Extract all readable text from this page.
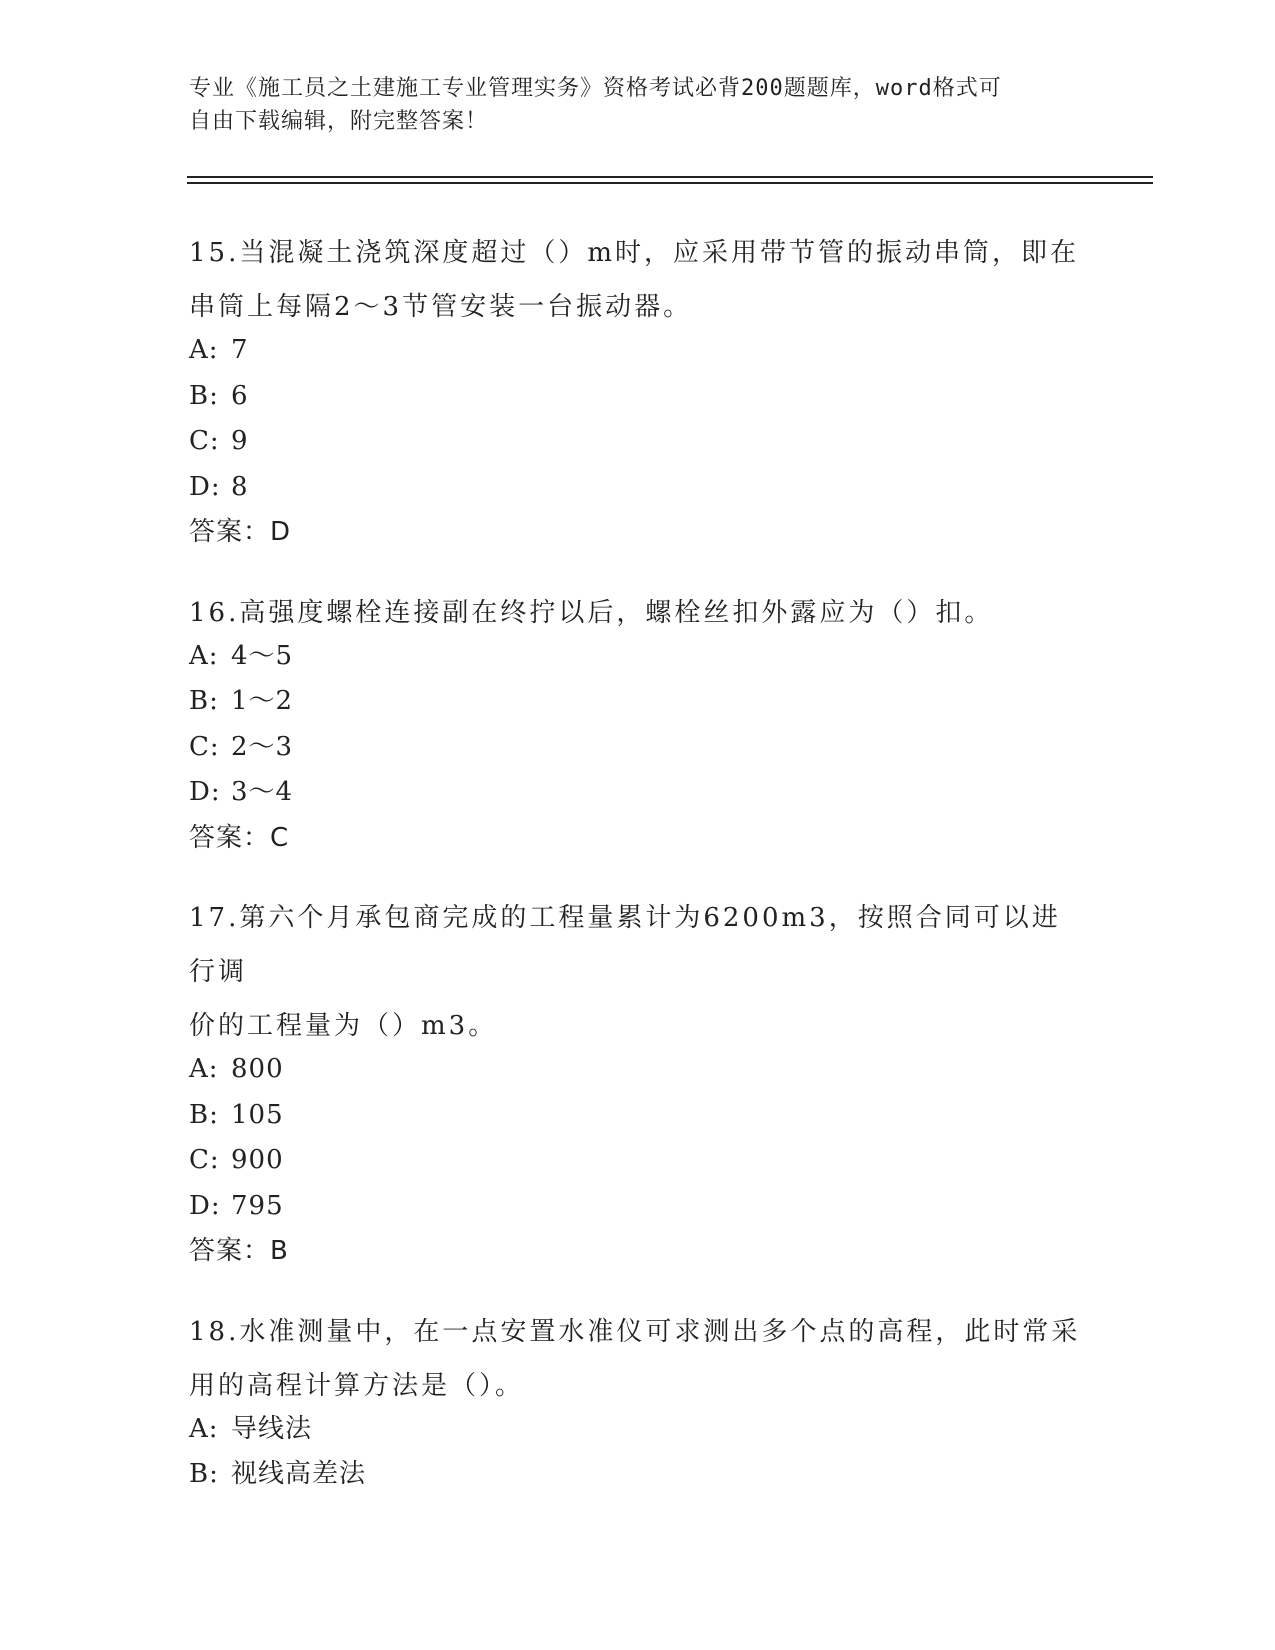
专业《施工员之土建施工专业管理实务》资格考试必背200题题库，word格式可
自由下载编辑，附完整答案！
15.当混凝土浇筑深度超过（）m时，应采用带节管的振动串筒，即在
串筒上每隔2～3节管安装一台振动器。
A: 7
B: 6
C: 9
D: 8
答案：D
16.高强度螺栓连接副在终拧以后，螺栓丝扣外露应为（）扣。
A: 4～5
B: 1～2
C: 2～3
D: 3～4
答案：C
17.第六个月承包商完成的工程量累计为6200m3，按照合同可以进行调
价的工程量为（）m3。
A: 800
B: 105
C: 900
D: 795
答案：B
18.水准测量中，在一点安置水准仪可求测出多个点的高程，此时常采
用的高程计算方法是（）。
A: 导线法
B: 视线高差法
